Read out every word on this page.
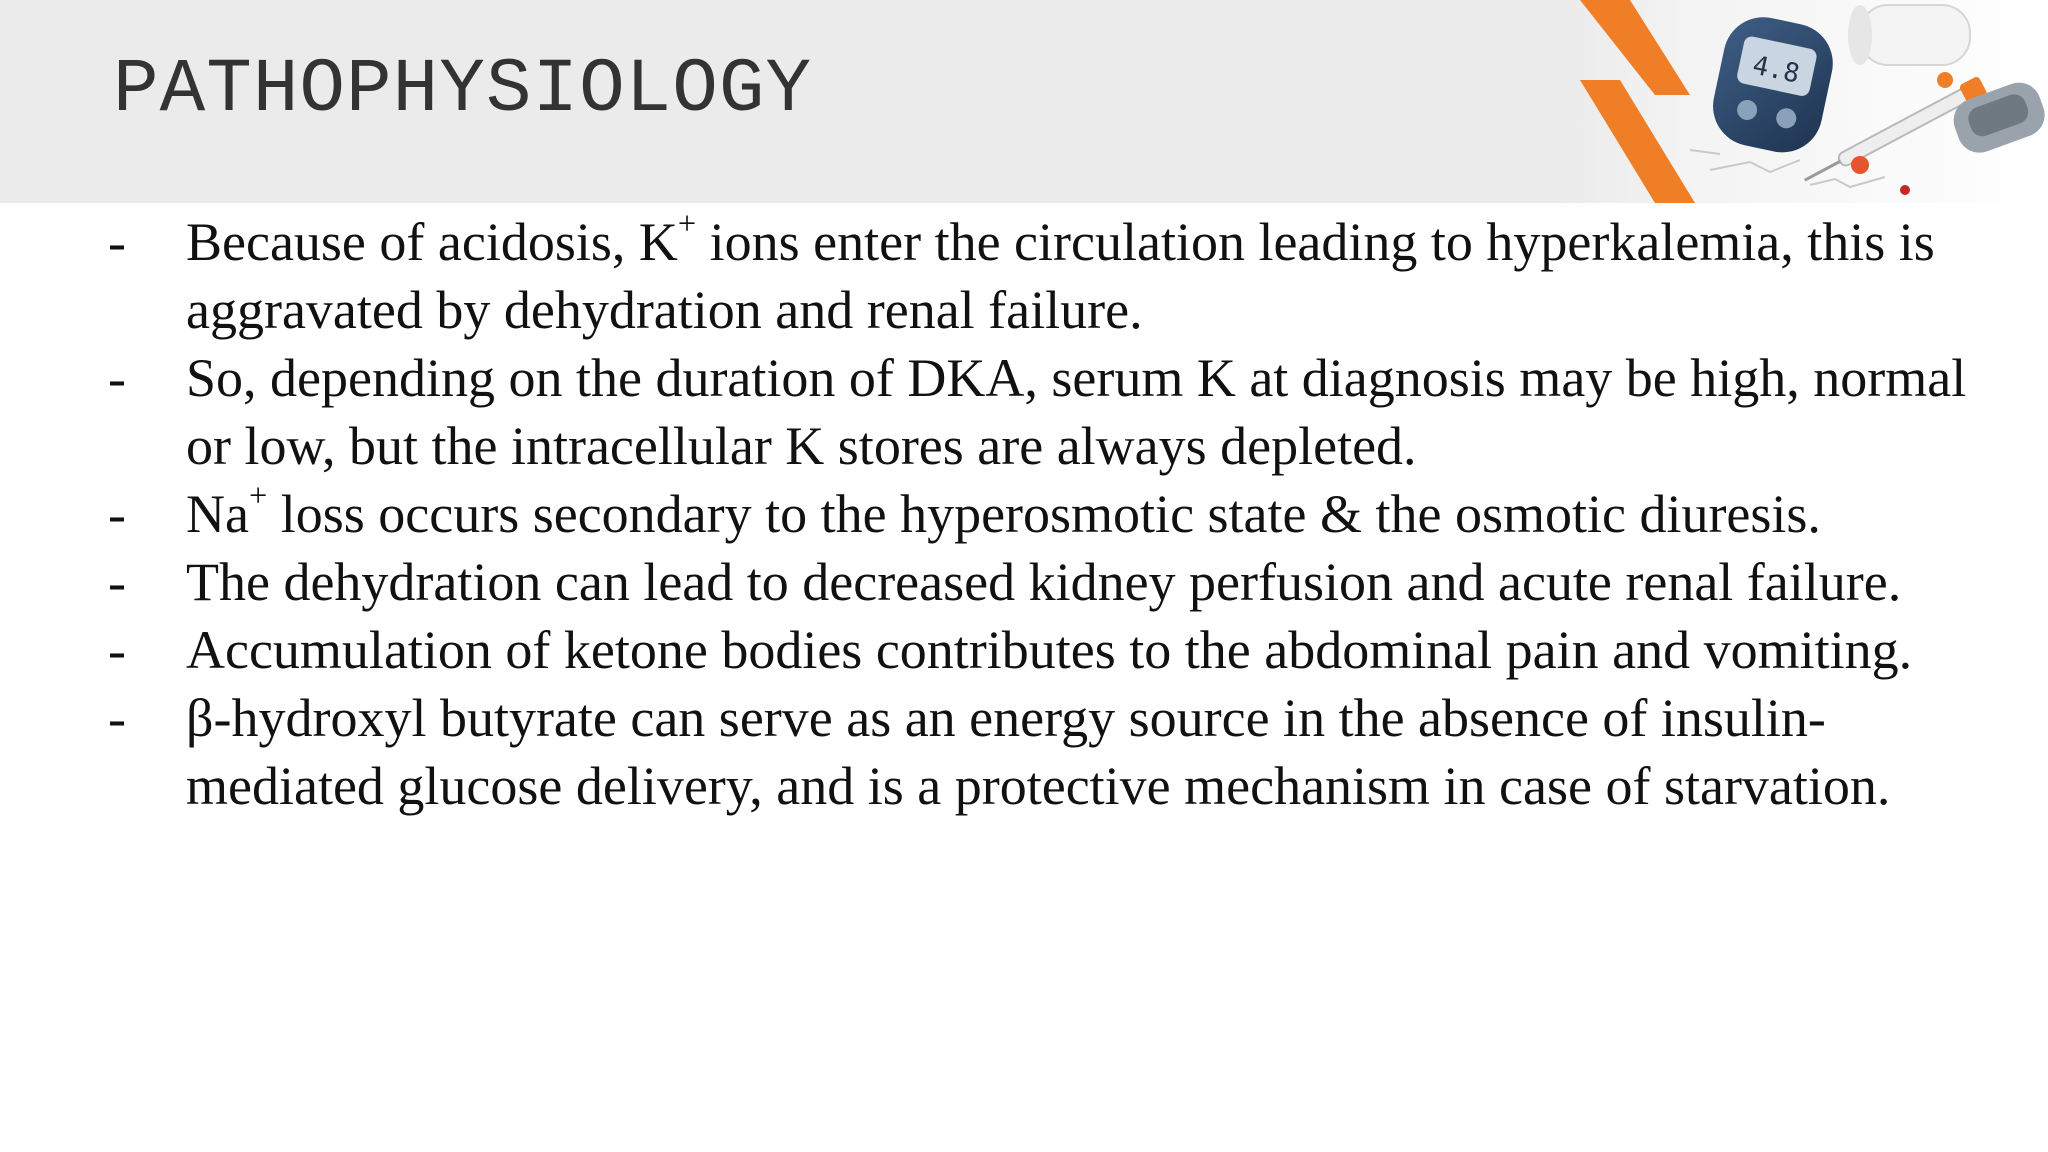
PATHOPHYSIOLOGY	4.8
-	Because of acidosis, K+ ions enter the circulation leading to hyperkalemia, this is aggravated by dehydration and renal failure.
-	So, depending on the duration of DKA, serum K at diagnosis may be high, normal or low, but the intracellular K stores are always depleted.
-	Na+ loss occurs secondary to the hyperosmotic state & the osmotic diuresis.
-	The dehydration can lead to decreased kidney perfusion and acute renal failure.
-	Accumulation of ketone bodies contributes to the abdominal pain and vomiting.
-	β-hydroxyl butyrate can serve as an energy source in the absence of insulin-mediated glucose delivery, and is a protective mechanism in case of starvation.
